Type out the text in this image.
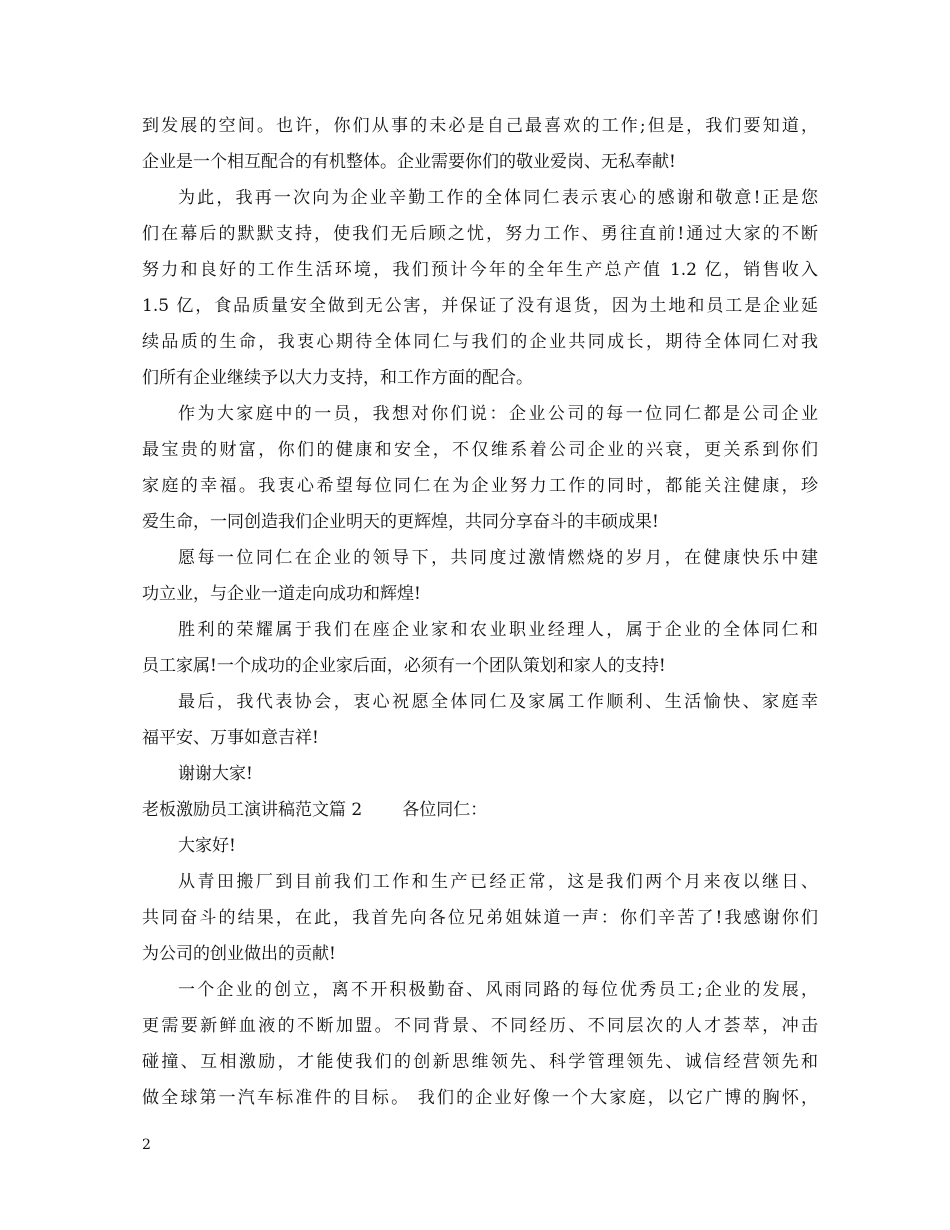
到发展的空间。也许，你们从事的未必是自己最喜欢的工作;但是，我们要知道，
企业是一个相互配合的有机整体。企业需要你们的敬业爱岗、无私奉献!
为此，我再一次向为企业辛勤工作的全体同仁表示衷心的感谢和敬意!正是您
们在幕后的默默支持，使我们无后顾之忧，努力工作、勇往直前!通过大家的不断
努力和良好的工作生活环境，我们预计今年的全年生产总产值 1.2 亿，销售收入
1.5 亿，食品质量安全做到无公害，并保证了没有退货，因为土地和员工是企业延
续品质的生命，我衷心期待全体同仁与我们的企业共同成长，期待全体同仁对我
们所有企业继续予以大力支持，和工作方面的配合。
作为大家庭中的一员，我想对你们说：企业公司的每一位同仁都是公司企业
最宝贵的财富，你们的健康和安全，不仅维系着公司企业的兴衰，更关系到你们
家庭的幸福。我衷心希望每位同仁在为企业努力工作的同时，都能关注健康，珍
爱生命，一同创造我们企业明天的更辉煌，共同分享奋斗的丰硕成果!
愿每一位同仁在企业的领导下，共同度过激情燃烧的岁月，在健康快乐中建
功立业，与企业一道走向成功和辉煌!
胜利的荣耀属于我们在座企业家和农业职业经理人，属于企业的全体同仁和
员工家属!一个成功的企业家后面，必须有一个团队策划和家人的支持!
最后，我代表协会，衷心祝愿全体同仁及家属工作顺利、生活愉快、家庭幸
福平安、万事如意吉祥!
谢谢大家!
老板激励员工演讲稿范文篇 2 各位同仁：
大家好!
从青田搬厂到目前我们工作和生产已经正常，这是我们两个月来夜以继日、
共同奋斗的结果，在此，我首先向各位兄弟姐妹道一声：你们辛苦了!我感谢你们
为公司的创业做出的贡献!
一个企业的创立，离不开积极勤奋、风雨同路的每位优秀员工;企业的发展，
更需要新鲜血液的不断加盟。不同背景、不同经历、不同层次的人才荟萃，冲击
碰撞、互相激励，才能使我们的创新思维领先、科学管理领先、诚信经营领先和
做全球第一汽车标准件的目标。 我们的企业好像一个大家庭，以它广博的胸怀，
2
